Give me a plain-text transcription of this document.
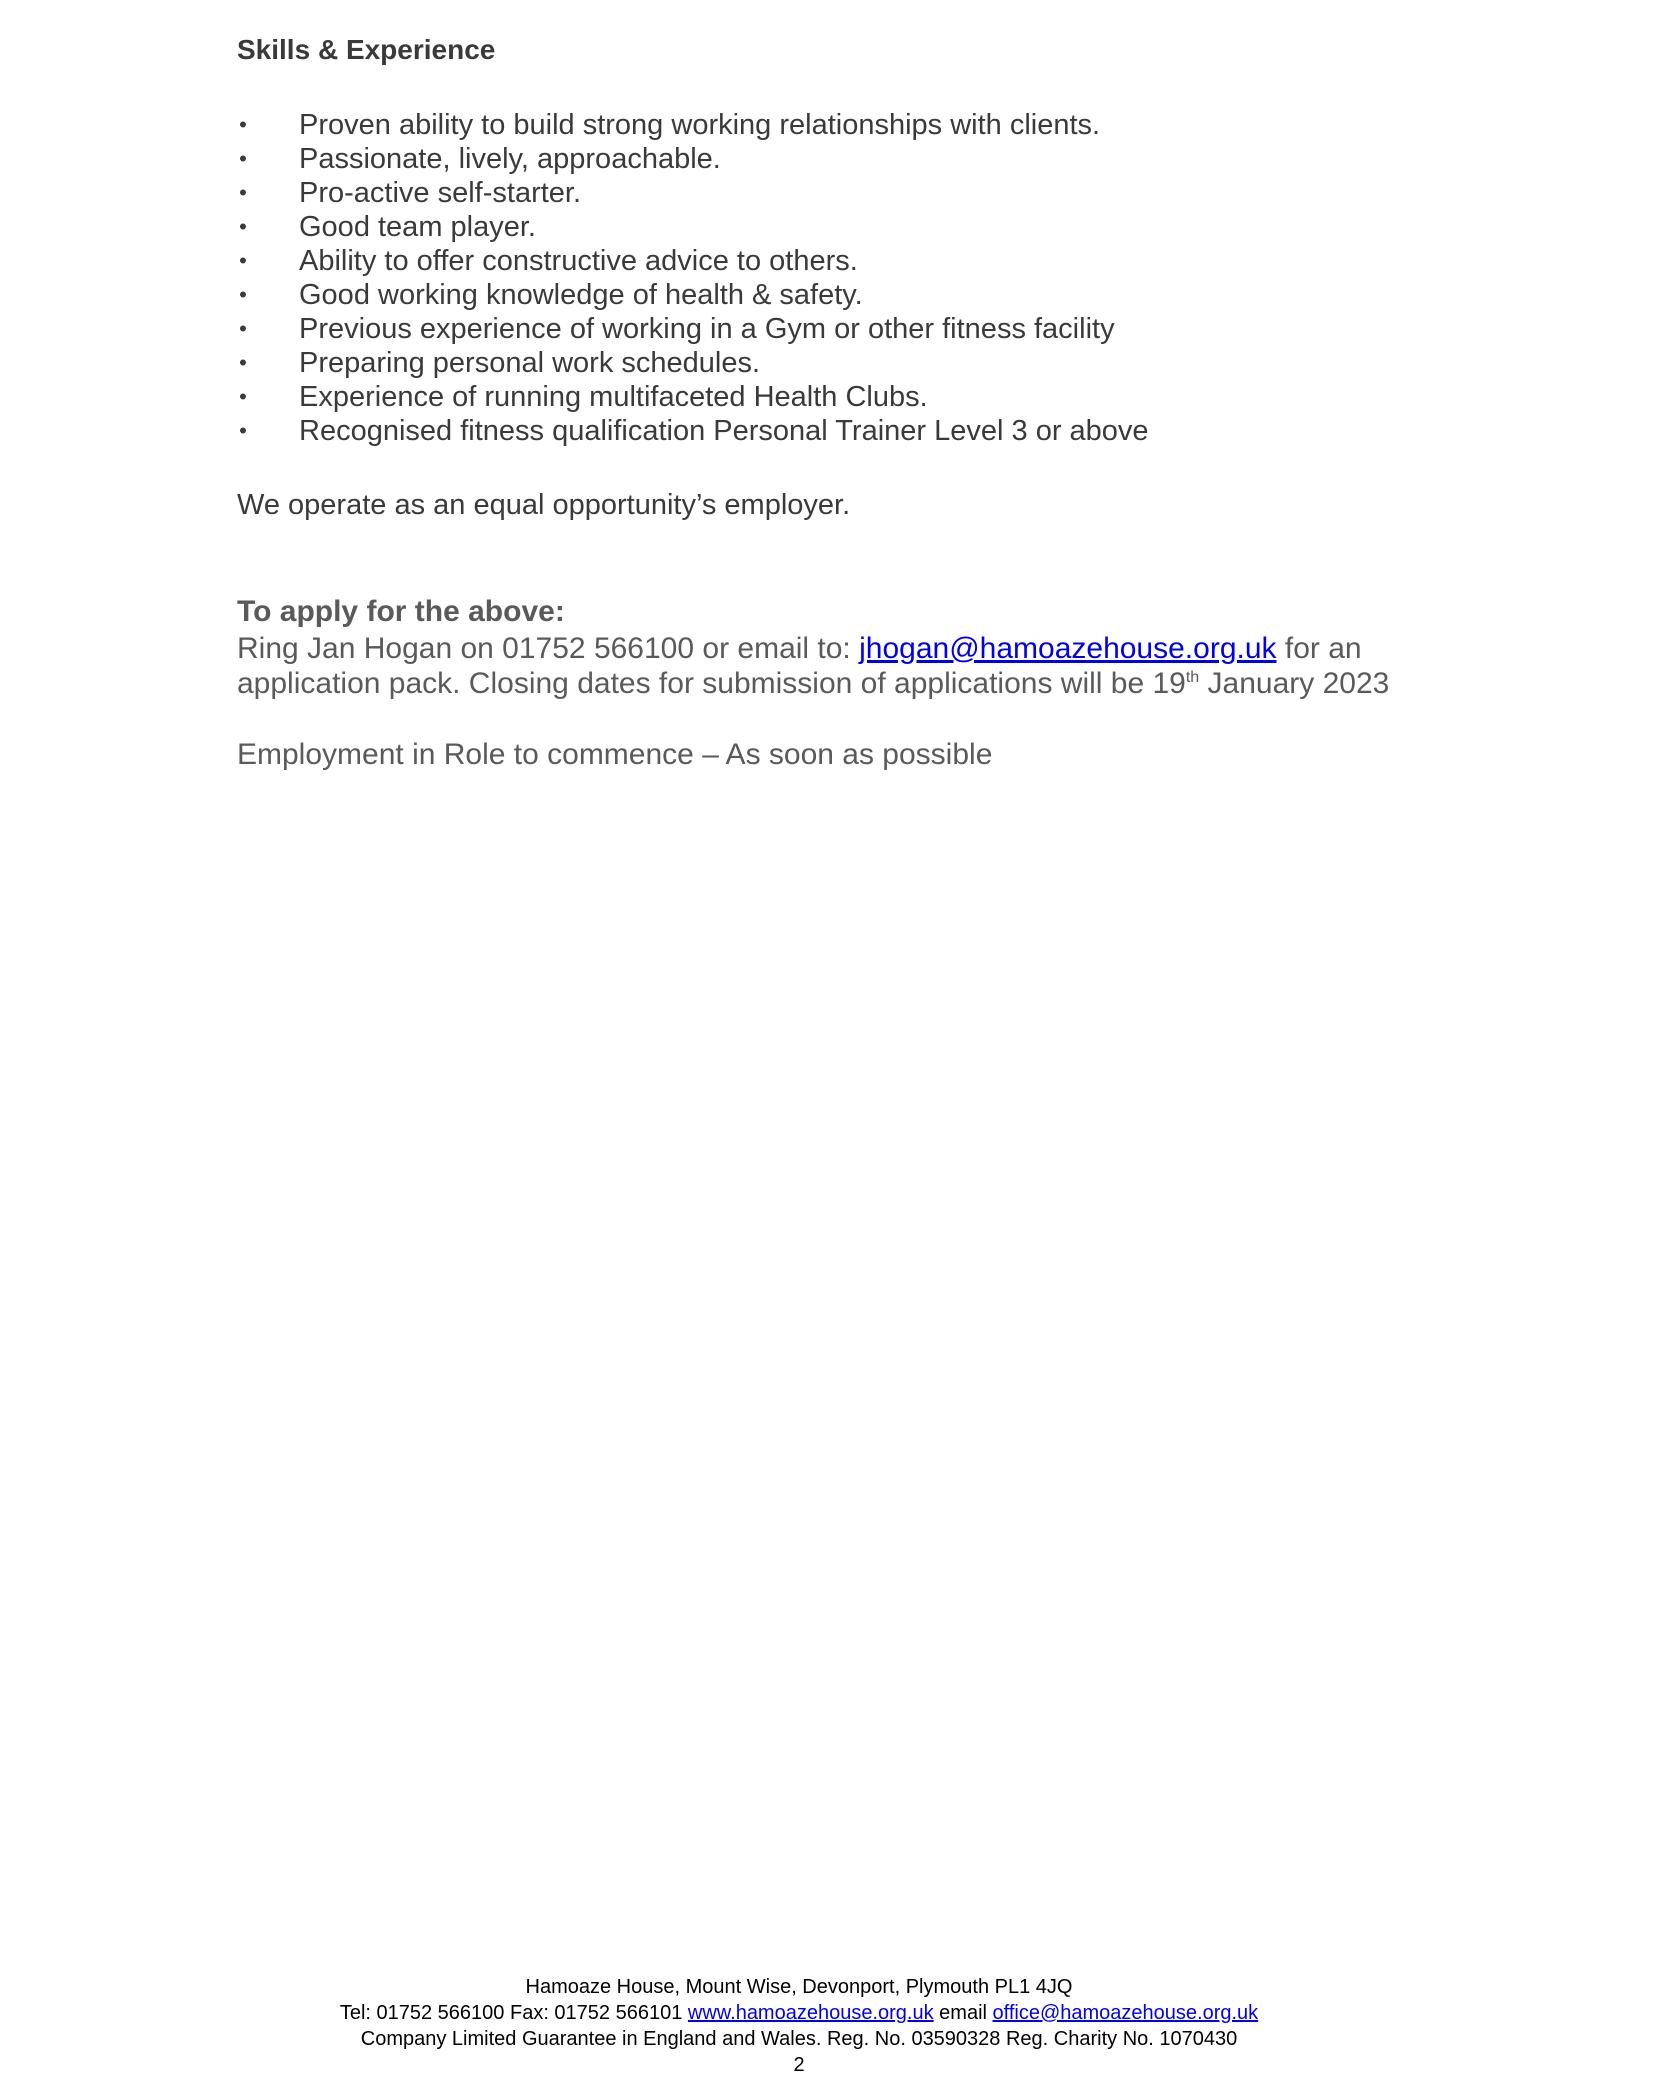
Skills & Experience
• Proven ability to build strong working relationships with clients.
• Passionate, lively, approachable.
• Pro-active self-starter.
• Good team player.
• Ability to offer constructive advice to others.
• Good working knowledge of health & safety.
• Previous experience of working in a Gym or other fitness facility
• Preparing personal work schedules.
• Experience of running multifaceted Health Clubs.
• Recognised fitness qualification Personal Trainer Level 3 or above

We operate as an equal opportunity’s employer.

To apply for the above:
Ring Jan Hogan on 01752 566100 or email to: jhogan@hamoazehouse.org.uk for an
application pack. Closing dates for submission of applications will be 19th January 2023

Employment in Role to commence – As soon as possible

Hamoaze House, Mount Wise, Devonport, Plymouth PL1 4JQ
Tel: 01752 566100 Fax: 01752 566101 www.hamoazehouse.org.uk email office@hamoazehouse.org.uk
Company Limited Guarantee in England and Wales. Reg. No. 03590328 Reg. Charity No. 1070430
2
